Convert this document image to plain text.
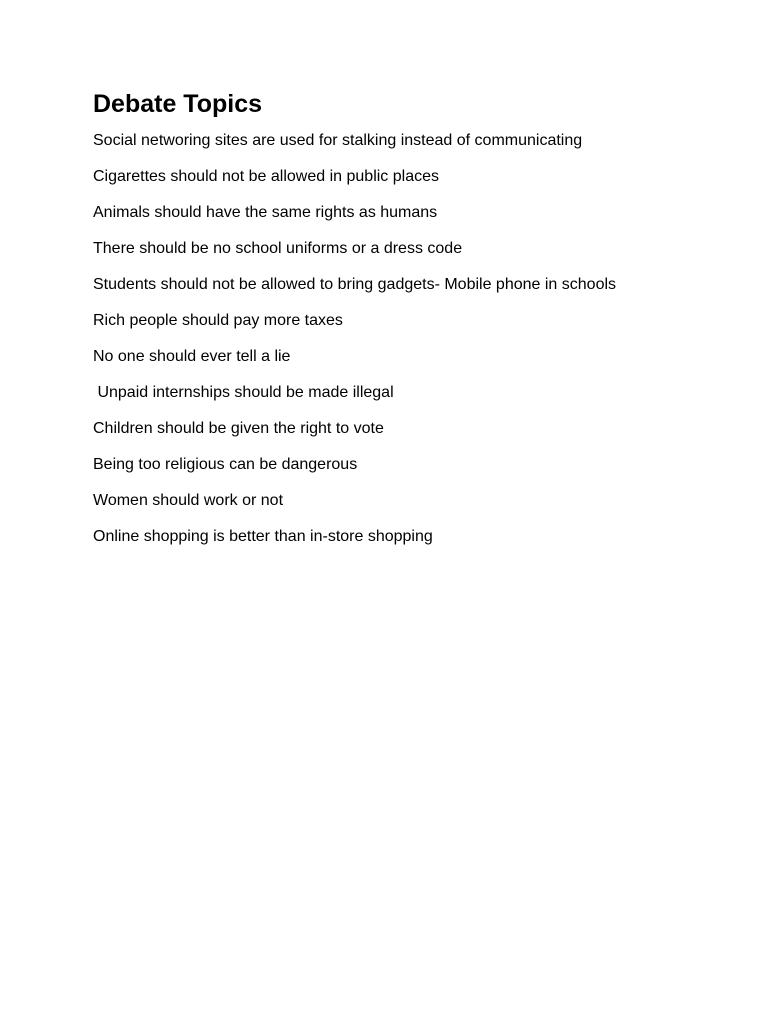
Debate Topics
Social networing sites are used for stalking instead of communicating
Cigarettes should not be allowed in public places
Animals should have the same rights as humans
There should be no school uniforms or a dress code
Students should not be allowed to bring gadgets- Mobile phone in schools
Rich people should pay more taxes
No one should ever tell a lie
Unpaid internships should be made illegal
Children should be given the right to vote
Being too religious can be dangerous
Women should work or not
Online shopping is better than in-store shopping
